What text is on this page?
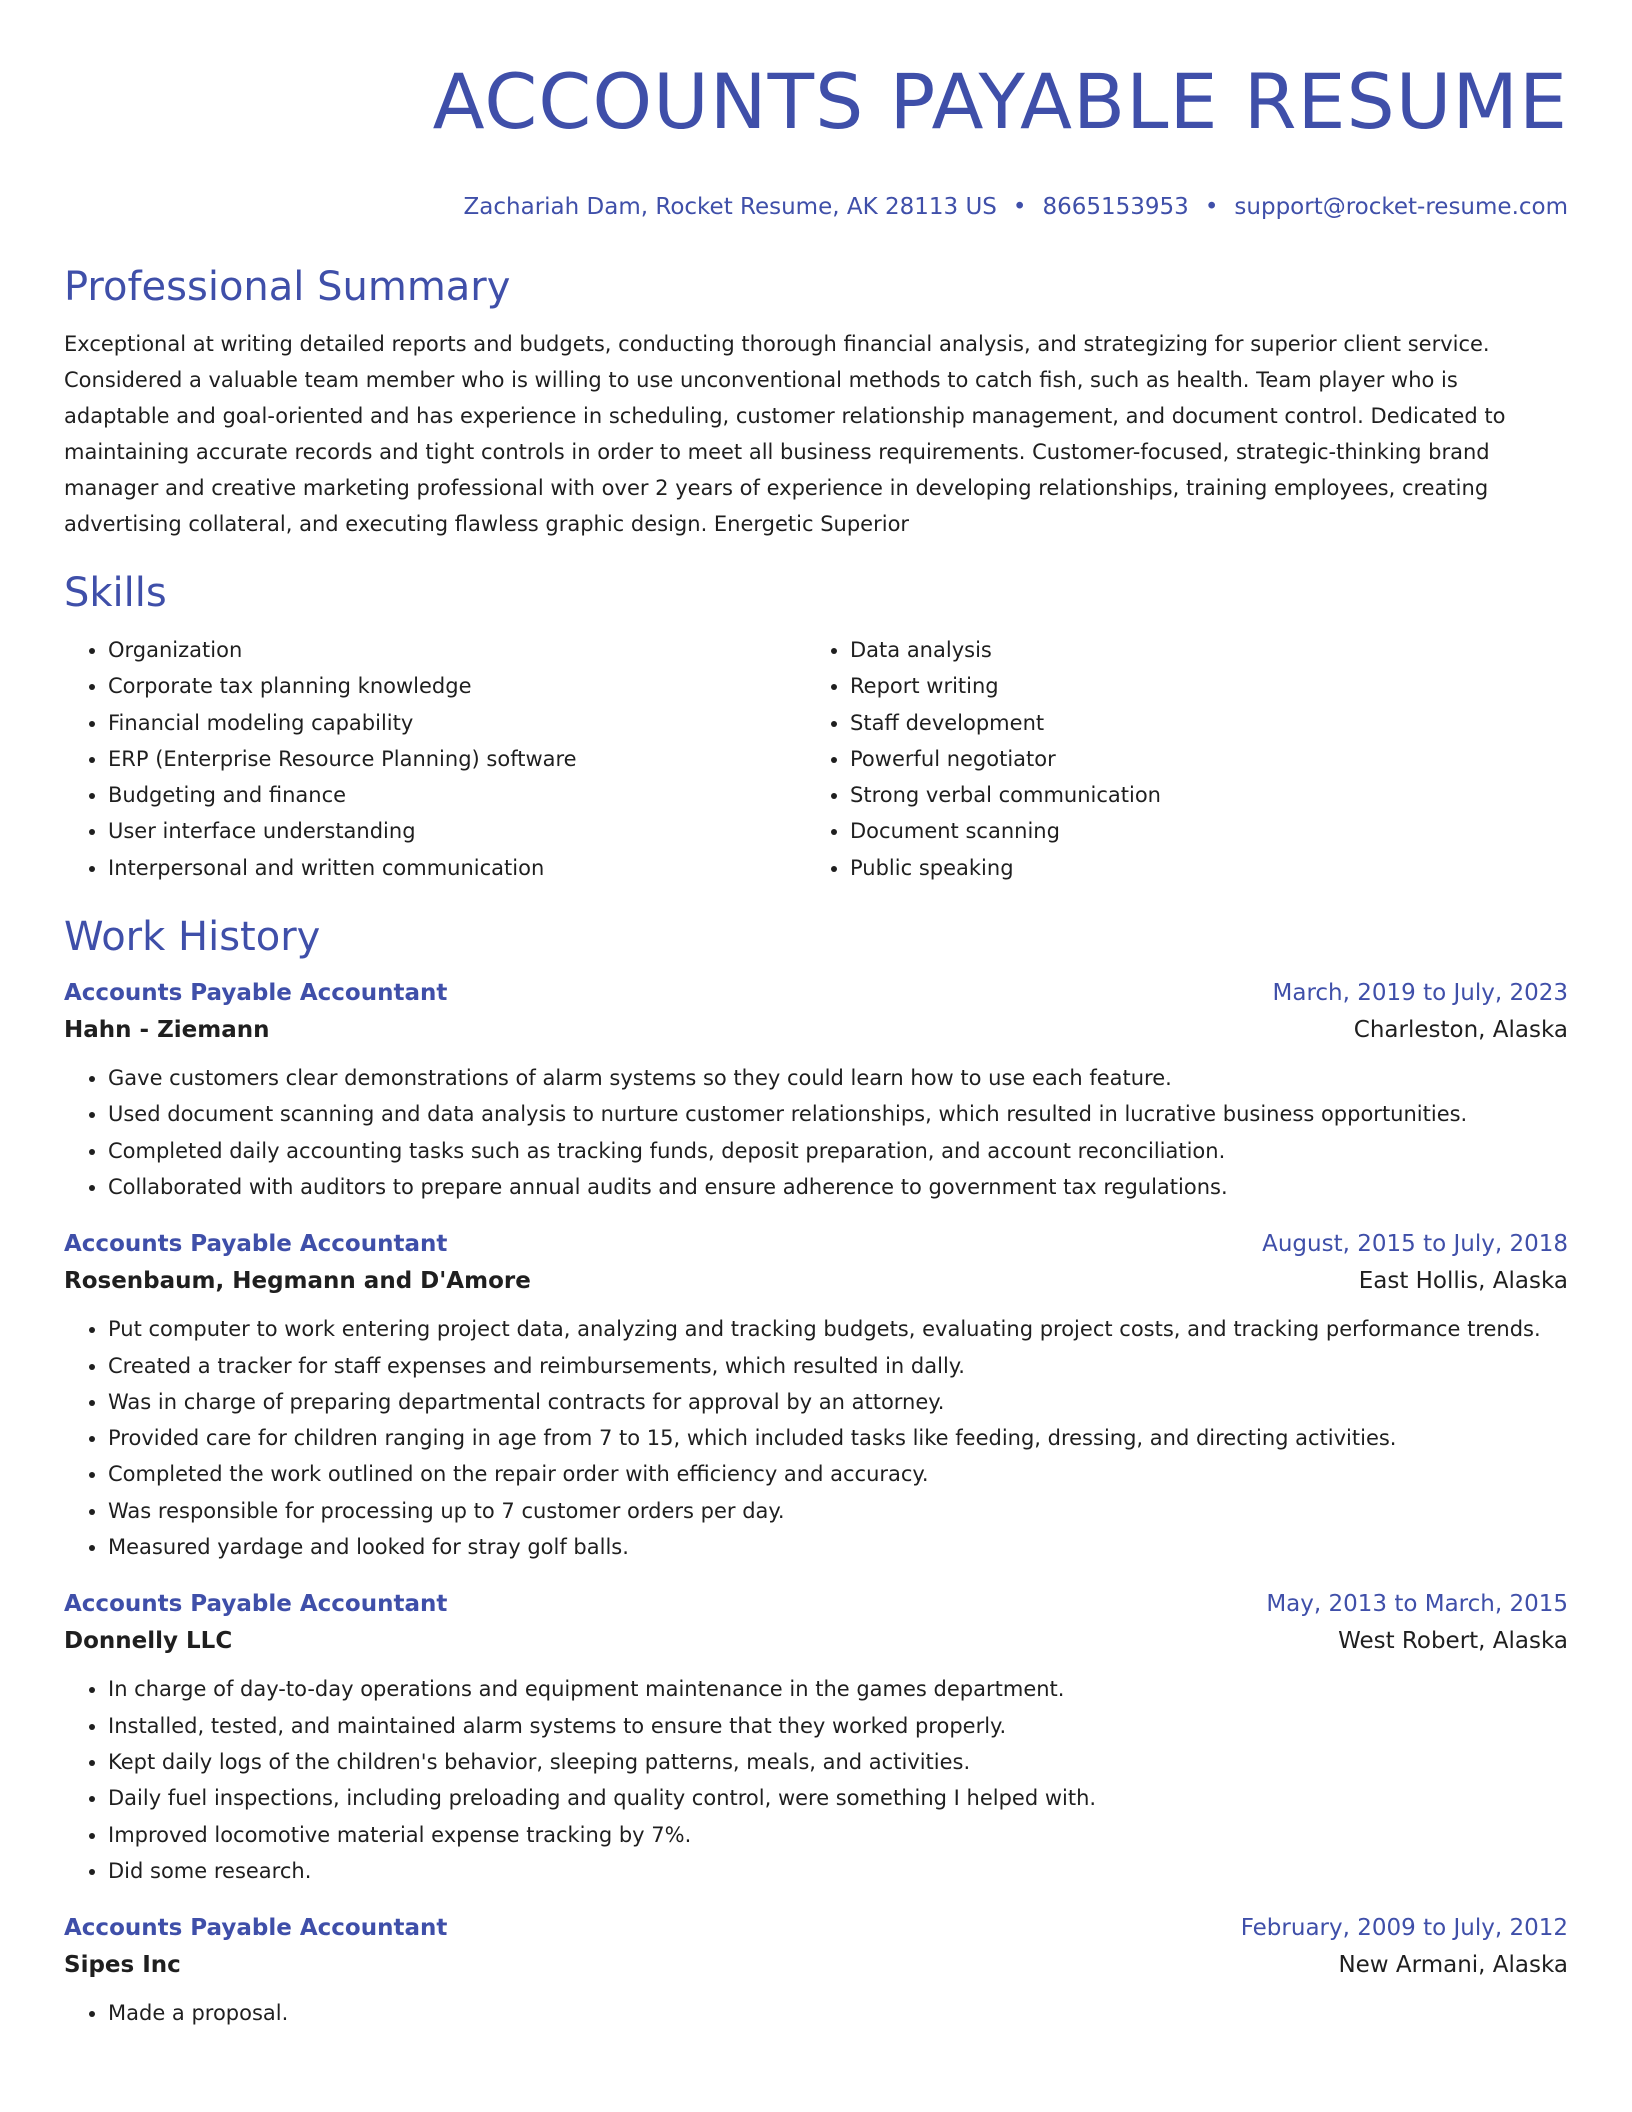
ACCOUNTS PAYABLE RESUME
Zachariah Dam, Rocket Resume, AK 28113 US • 8665153953 • support@rocket-resume.com
Professional Summary
Exceptional at writing detailed reports and budgets, conducting thorough financial analysis, and strategizing for superior client service. Considered a valuable team member who is willing to use unconventional methods to catch fish, such as health. Team player who is adaptable and goal-oriented and has experience in scheduling, customer relationship management, and document control. Dedicated to maintaining accurate records and tight controls in order to meet all business requirements. Customer-focused, strategic-thinking brand manager and creative marketing professional with over 2 years of experience in developing relationships, training employees, creating advertising collateral, and executing flawless graphic design. Energetic Superior
Skills
• Organization
• Corporate tax planning knowledge
• Financial modeling capability
• ERP (Enterprise Resource Planning) software
• Budgeting and finance
• User interface understanding
• Interpersonal and written communication
• Data analysis
• Report writing
• Staff development
• Powerful negotiator
• Strong verbal communication
• Document scanning
• Public speaking
Work History
Accounts Payable Accountant	March, 2019 to July, 2023
Hahn - Ziemann	Charleston, Alaska
• Gave customers clear demonstrations of alarm systems so they could learn how to use each feature.
• Used document scanning and data analysis to nurture customer relationships, which resulted in lucrative business opportunities.
• Completed daily accounting tasks such as tracking funds, deposit preparation, and account reconciliation.
• Collaborated with auditors to prepare annual audits and ensure adherence to government tax regulations.
Accounts Payable Accountant	August, 2015 to July, 2018
Rosenbaum, Hegmann and D'Amore	East Hollis, Alaska
• Put computer to work entering project data, analyzing and tracking budgets, evaluating project costs, and tracking performance trends.
• Created a tracker for staff expenses and reimbursements, which resulted in dally.
• Was in charge of preparing departmental contracts for approval by an attorney.
• Provided care for children ranging in age from 7 to 15, which included tasks like feeding, dressing, and directing activities.
• Completed the work outlined on the repair order with efficiency and accuracy.
• Was responsible for processing up to 7 customer orders per day.
• Measured yardage and looked for stray golf balls.
Accounts Payable Accountant	May, 2013 to March, 2015
Donnelly LLC	West Robert, Alaska
• In charge of day-to-day operations and equipment maintenance in the games department.
• Installed, tested, and maintained alarm systems to ensure that they worked properly.
• Kept daily logs of the children's behavior, sleeping patterns, meals, and activities.
• Daily fuel inspections, including preloading and quality control, were something I helped with.
• Improved locomotive material expense tracking by 7%.
• Did some research.
Accounts Payable Accountant	February, 2009 to July, 2012
Sipes Inc	New Armani, Alaska
• Made a proposal.
